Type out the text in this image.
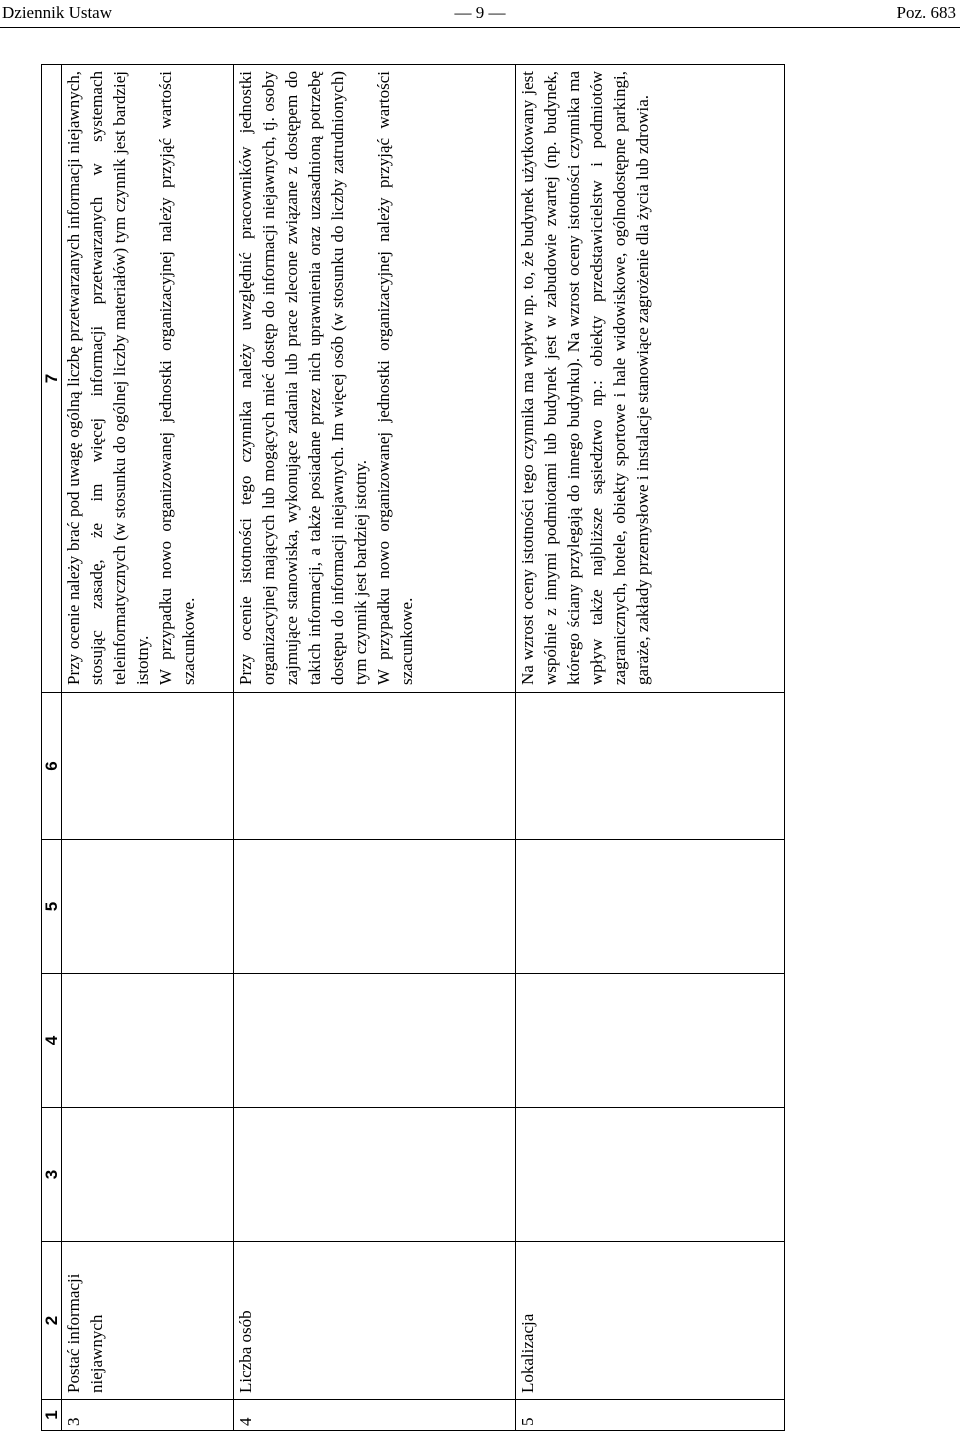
Dziennik Ustaw	— 9 —	Poz. 683
1	2	3	4	5	6	7
3	Postać informacji niejawnych					Przy ocenie należy brać pod uwagę ogólną liczbę przetwarzanych informacji niejawnych, stosując zasadę, że im więcej informacji przetwarzanych w systemach teleinformatycznych (w stosunku do ogólnej liczby materiałów) tym czynnik jest bardziej istotny. W przypadku nowo organizowanej jednostki organizacyjnej należy przyjąć wartości szacunkowe.

4	Liczba osób					Przy ocenie istotności tego czynnika należy uwzględnić pracowników jednostki organizacyjnej mających lub mogących mieć dostęp do informacji niejawnych, tj. osoby zajmujące stanowiska, wykonujące zadania lub prace zlecone związane z dostępem do takich informacji, a także posiadane przez nich uprawnienia oraz uzasadnioną potrzebę dostępu do informacji niejawnych. Im więcej osób (w stosunku do liczby zatrudnionych) tym czynnik jest bardziej istotny. W przypadku nowo organizowanej jednostki organizacyjnej należy przyjąć wartości szacunkowe.

5	Lokalizacja					Na wzrost oceny istotności tego czynnika ma wpływ np. to, że budynek użytkowany jest wspólnie z innymi podmiotami lub budynek jest w zabudowie zwartej (np. budynek, którego ściany przylegają do innego budynku). Na wzrost oceny istotności czynnika ma wpływ także najbliższe sąsiedztwo np.: obiekty przedstawicielstw i podmiotów zagranicznych, hotele, obiekty sportowe i hale widowiskowe, ogólnodostępne parkingi, garaże, zakłady przemysłowe i instalacje stanowiące zagrożenie dla życia lub zdrowia.
